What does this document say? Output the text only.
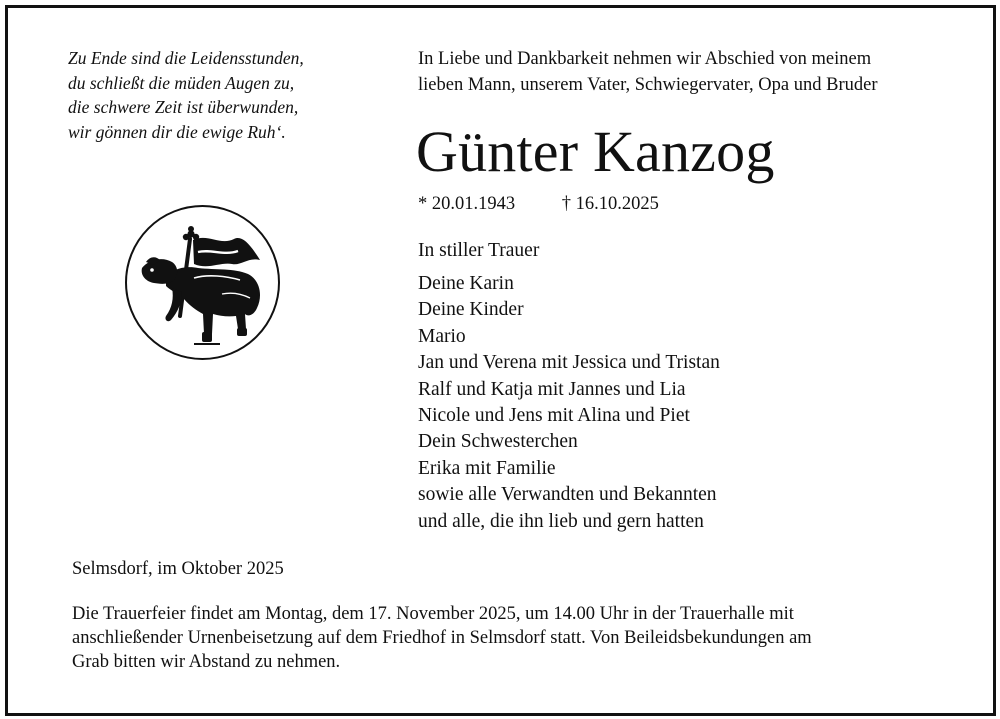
Zu Ende sind die Leidensstunden,
du schließt die müden Augen zu,
die schwere Zeit ist überwunden,
wir gönnen dir die ewige Ruh‘.
In Liebe und Dankbarkeit nehmen wir Abschied von meinem
lieben Mann, unserem Vater, Schwiegervater, Opa und Bruder
Günter Kanzog
* 20.01.1943	† 16.10.2025
In stiller Trauer
Deine Karin
Deine Kinder
Mario
Jan und Verena mit Jessica und Tristan
Ralf und Katja mit Jannes und Lia
Nicole und Jens mit Alina und Piet
Dein Schwesterchen
Erika mit Familie
sowie alle Verwandten und Bekannten
und alle, die ihn lieb und gern hatten
Selmsdorf, im Oktober 2025
Die Trauerfeier findet am Montag, dem 17. November 2025, um 14.00 Uhr in der Trauerhalle mit
anschließender Urnenbeisetzung auf dem Friedhof in Selmsdorf statt. Von Beileidsbekundungen am
Grab bitten wir Abstand zu nehmen.
